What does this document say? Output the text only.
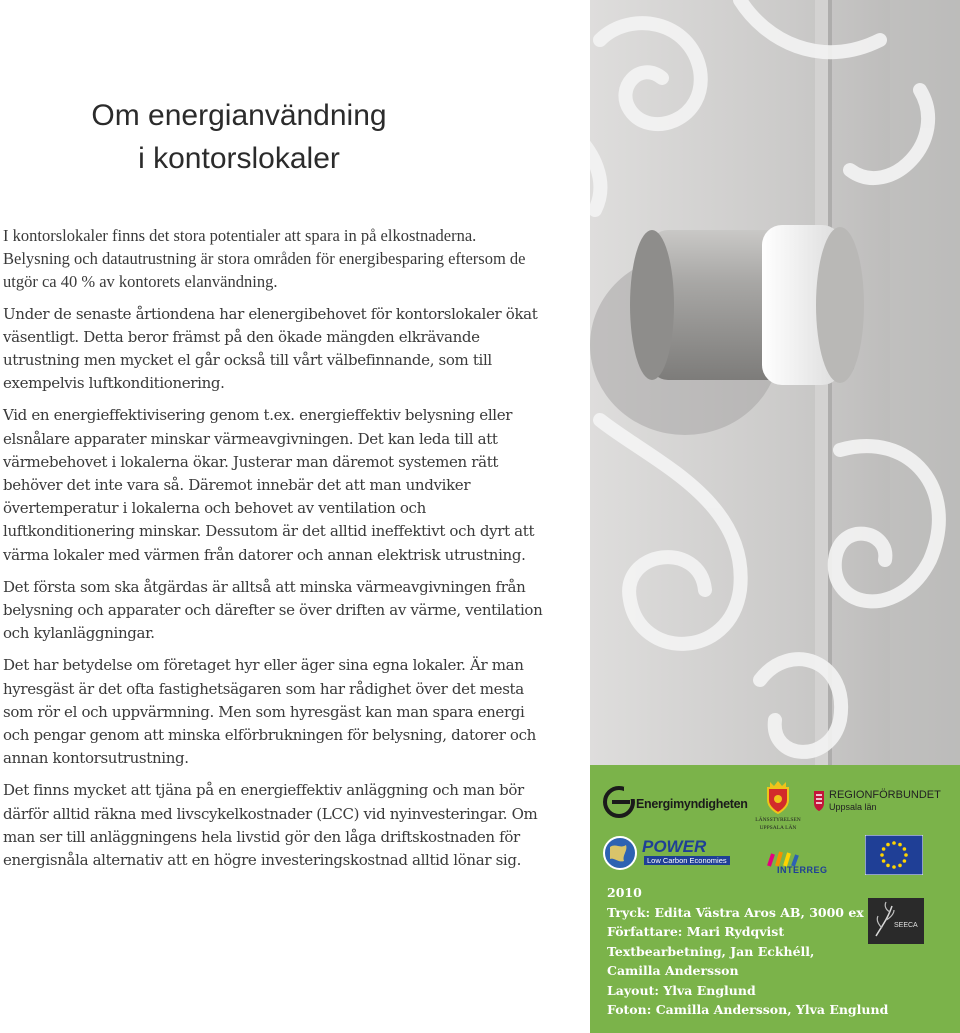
Om energianvändning
i kontorslokaler

I kontorslokaler finns det stora potentialer att spara in på elkostnaderna. Belysning och datautrustning är stora områden för energibesparing eftersom de utgör ca 40 % av kontorets elanvändning.

Under de senaste årtiondena har elenergibehovet för kontorslokaler ökat väsentligt. Detta beror främst på den ökade mängden elkrävande utrustning men mycket el går också till vårt välbefinnande, som till exempelvis luftkonditionering.

Vid en energieffektivisering genom t.ex. energieffektiv belysning eller elsnålare apparater minskar värmeavgivningen. Det kan leda till att värmebehovet i lokalerna ökar. Justerar man däremot systemen rätt behöver det inte vara så. Däremot innebär det att man undviker övertemperatur i lokalerna och behovet av ventilation och luftkonditionering minskar. Dessutom är det alltid ineffektivt och dyrt att värma lokaler med värmen från datorer och annan elektrisk utrustning.

Det första som ska åtgärdas är alltså att minska värmeavgivningen från belysning och apparater och därefter se över driften av värme, ventilation och kylanläggningar.

Det har betydelse om företaget hyr eller äger sina egna lokaler. Är man hyresgäst är det ofta fastighetsägaren som har rådighet över det mesta som rör el och uppvärmning. Men som hyresgäst kan man spara energi och pengar genom att minska elförbrukningen för belysning, datorer och annan kontorsutrustning.

Det finns mycket att tjäna på en energieffektiv anläggning och man bör därför alltid räkna med livscykelkostnader (LCC) vid nyinvesteringar. Om man ser till anläggningens hela livstid gör den låga driftskostnaden för energisnåla alternativ att en högre investeringskostnad alltid lönar sig.

Energimyndigheten
LÄNSSTYRELSEN
UPPSALA LÄN
REGIONFÖRBUNDET
Uppsala län
POWER
Low Carbon Economies
INTERREG
SEECA
2010
Tryck: Edita Västra Aros AB, 3000 ex
Författare: Mari Rydqvist
Textbearbetning, Jan Eckhéll,
Camilla Andersson
Layout: Ylva Englund
Foton: Camilla Andersson, Ylva Englund
